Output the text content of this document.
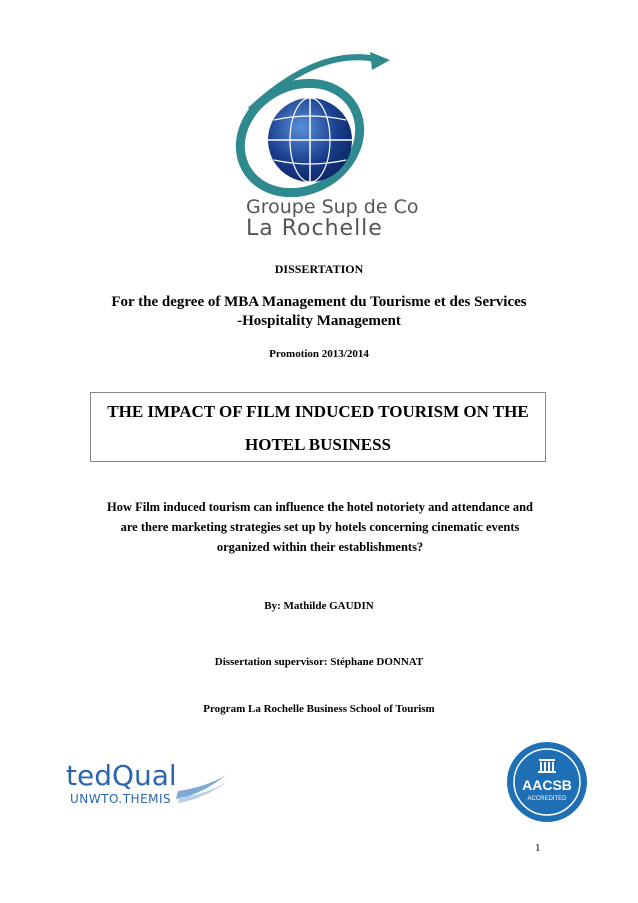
Groupe Sup de Co
La Rochelle
DISSERTATION
For the degree of MBA Management du Tourisme et des Services
-Hospitality Management
Promotion 2013/2014
THE IMPACT OF FILM INDUCED TOURISM ON THE
HOTEL BUSINESS
How Film induced tourism can influence the hotel notoriety and attendance and
are there marketing strategies set up by hotels concerning cinematic events
organized within their establishments?
By: Mathilde GAUDIN
Dissertation supervisor: Stéphane DONNAT
Program La Rochelle Business School of Tourism
tedQual
UNWTO.THEMIS
AACSB
ACCREDITED
1
